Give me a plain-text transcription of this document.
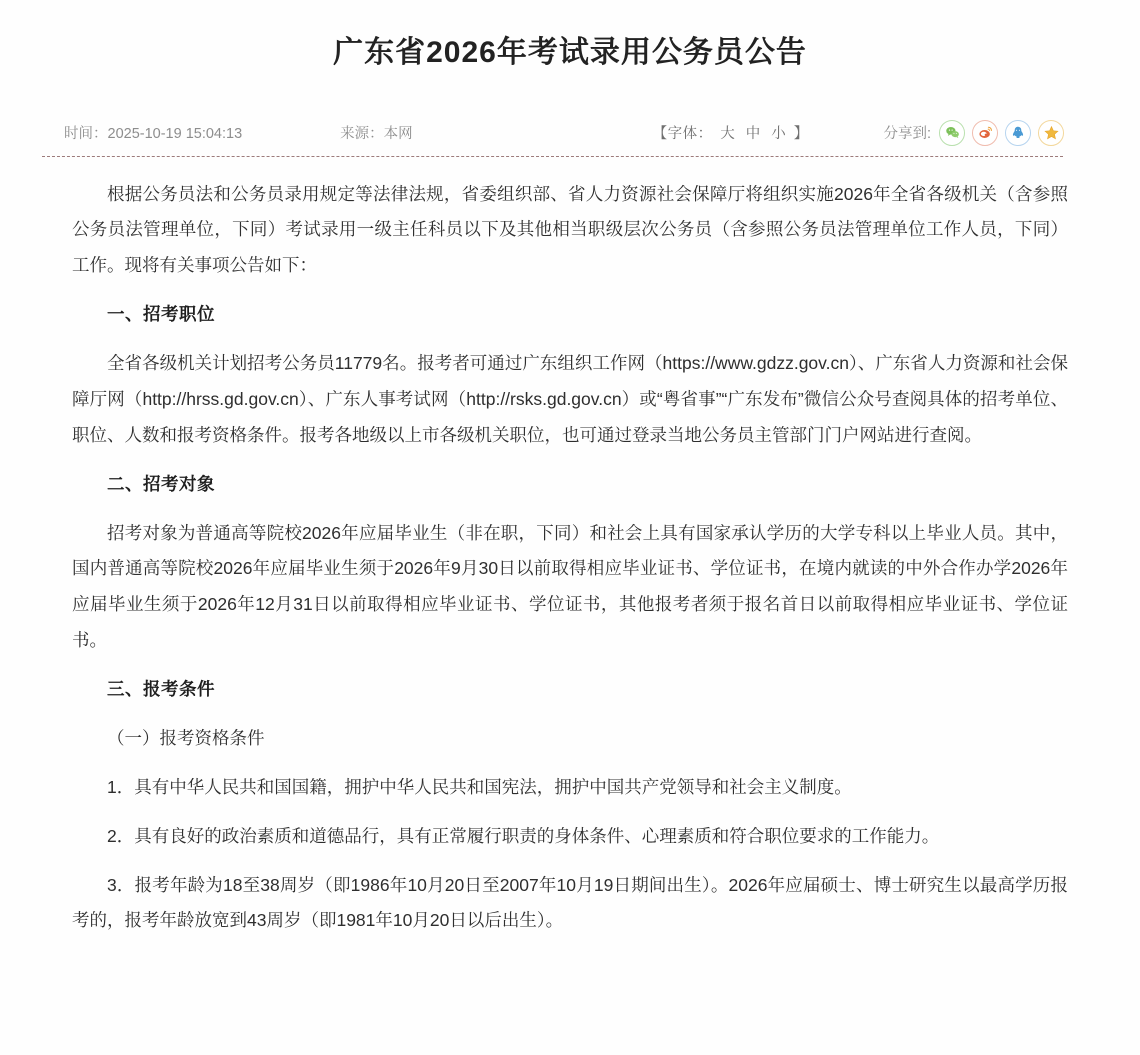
广东省2026年考试录用公务员公告
时间：2025-10-19 15:04:13	来源：本网	【字体： 大 中 小 】	分享到:

根据公务员法和公务员录用规定等法律法规，省委组织部、省人力资源社会保障厅将组织实施2026年全省各级机关（含参照公务员法管理单位，下同）考试录用一级主任科员以下及其他相当职级层次公务员（含参照公务员法管理单位工作人员，下同）工作。现将有关事项公告如下：

一、招考职位

全省各级机关计划招考公务员11779名。报考者可通过广东组织工作网（https://www.gdzz.gov.cn）、广东省人力资源和社会保障厅网（http://hrss.gd.gov.cn）、广东人事考试网（http://rsks.gd.gov.cn）或“粤省事”“广东发布”微信公众号查阅具体的招考单位、职位、人数和报考资格条件。报考各地级以上市各级机关职位，也可通过登录当地公务员主管部门门户网站进行查阅。

二、招考对象

招考对象为普通高等院校2026年应届毕业生（非在职，下同）和社会上具有国家承认学历的大学专科以上毕业人员。其中，国内普通高等院校2026年应届毕业生须于2026年9月30日以前取得相应毕业证书、学位证书，在境内就读的中外合作办学2026年应届毕业生须于2026年12月31日以前取得相应毕业证书、学位证书，其他报考者须于报名首日以前取得相应毕业证书、学位证书。

三、报考条件

（一）报考资格条件

1．具有中华人民共和国国籍，拥护中华人民共和国宪法，拥护中国共产党领导和社会主义制度。

2．具有良好的政治素质和道德品行，具有正常履行职责的身体条件、心理素质和符合职位要求的工作能力。

3．报考年龄为18至38周岁（即1986年10月20日至2007年10月19日期间出生）。2026年应届硕士、博士研究生以最高学历报考的，报考年龄放宽到43周岁（即1981年10月20日以后出生）。
